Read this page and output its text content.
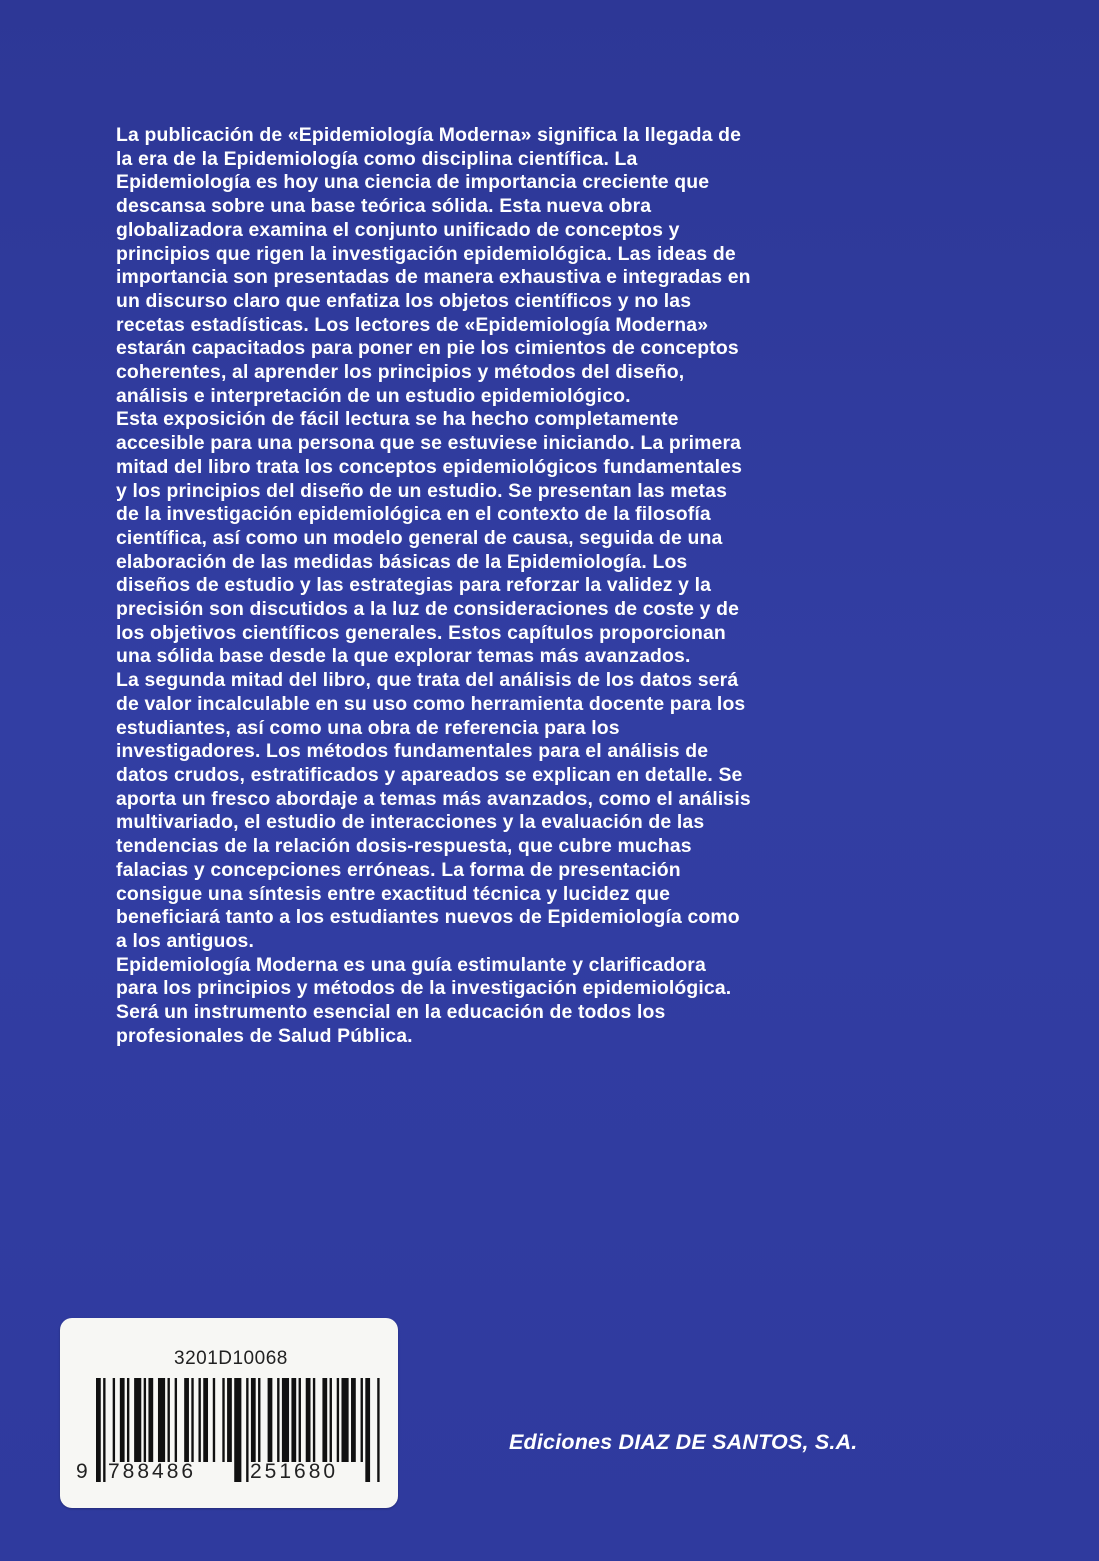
La publicación de «Epidemiología Moderna» significa la llegada de

la era de la Epidemiología como disciplina científica. La

Epidemiología es hoy una ciencia de importancia creciente que

descansa sobre una base teórica sólida. Esta nueva obra

globalizadora examina el conjunto unificado de conceptos y

principios que rigen la investigación epidemiológica. Las ideas de

importancia son presentadas de manera exhaustiva e integradas en

un discurso claro que enfatiza los objetos científicos y no las

recetas estadísticas. Los lectores de «Epidemiología Moderna»

estarán capacitados para poner en pie los cimientos de conceptos

coherentes, al aprender los principios y métodos del diseño,

análisis e interpretación de un estudio epidemiológico.

Esta exposición de fácil lectura se ha hecho completamente

accesible para una persona que se estuviese iniciando. La primera

mitad del libro trata los conceptos epidemiológicos fundamentales

y los principios del diseño de un estudio. Se presentan las metas

de la investigación epidemiológica en el contexto de la filosofía

científica, así como un modelo general de causa, seguida de una

elaboración de las medidas básicas de la Epidemiología. Los

diseños de estudio y las estrategias para reforzar la validez y la

precisión son discutidos a la luz de consideraciones de coste y de

los objetivos científicos generales. Estos capítulos proporcionan

una sólida base desde la que explorar temas más avanzados.

La segunda mitad del libro, que trata del análisis de los datos será

de valor incalculable en su uso como herramienta docente para los

estudiantes, así como una obra de referencia para los

investigadores. Los métodos fundamentales para el análisis de

datos crudos, estratificados y apareados se explican en detalle. Se

aporta un fresco abordaje a temas más avanzados, como el análisis

multivariado, el estudio de interacciones y la evaluación de las

tendencias de la relación dosis-respuesta, que cubre muchas

falacias y concepciones erróneas. La forma de presentación

consigue una síntesis entre exactitud técnica y lucidez que

beneficiará tanto a los estudiantes nuevos de Epidemiología como

a los antiguos.

Epidemiología Moderna es una guía estimulante y clarificadora

para los principios y métodos de la investigación epidemiológica.

Será un instrumento esencial en la educación de todos los

profesionales de Salud Pública.

3201D10068
9 788486	251680
Ediciones DIAZ DE SANTOS, S.A.
